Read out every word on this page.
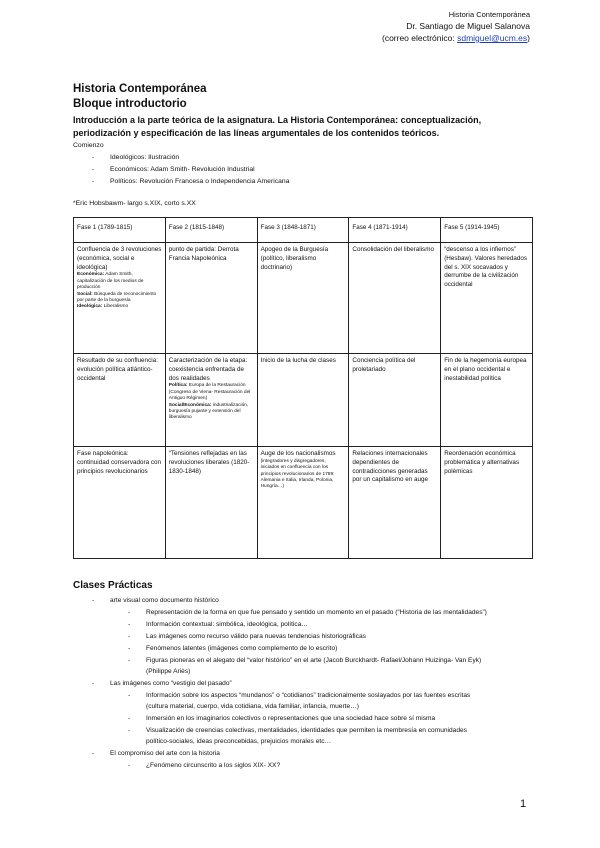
Historia Contemporánea
Dr. Santiago de Miguel Salanova
(correo electrónico: sdmiguel@ucm.es)
Historia Contemporánea
Bloque introductorio
Introducción a la parte teórica de la asignatura. La Historia Contemporánea: conceptualización, periodización y especificación de las líneas argumentales de los contenidos teóricos.
Comienzo
- Ideológicos: Ilustración
- Económicos: Adam Smith- Revolución Industrial
- Políticos: Revolución Francesa o Independencia Americana
*Eric Hobsbawm- largo s.XIX, corto s.XX
Fase 1 (1789-1815)	Fase 2 (1815-1848)	Fase 3 (1848-1871)	Fase 4 (1871-1914)	Fase 5 (1914-1945)

Confluencia de 3 revoluciones (económica, social e ideológica)
Económica: Adam Smith, capitalización de los medios de producción
Social: Búsqueda de reconocimiento por parte de la burguesía
Ideológica: Liberalismo	punto de partida: Derrota Francia Napoleónica	Apogeo de la Burguesía (político, liberalismo doctrinario)	Consolidación del liberalismo	“descenso a los infiernos” (Hesbaw). Valores heredados del s. XIX socavados y derrumbe de la civilización occidental
Resultado de su confluencia: evolución política atlántico-occidental	Caracterización de la etapa: coexistencia enfrentada de dos realidades
Política: Europa de la Restauración (Congreso de Viena- Restauración del Antiguo Régimen)
Social/Económica: industrialización, burguesía pujante y extensión del liberalismo	Inicio de la lucha de clases	Conciencia política del proletariado	Fin de la hegemonía europea en el plano occidental e inestabilidad política
Fase napoleónica: continuidad conservadora con principios revolucionarios	“Tensiones reflejadas en las revoluciones liberales (1820-1830-1848)	Auge de los nacionalismos
(integradores y disgregadores, iniciados en confluencia con los principios revolucionarios de 1789: Alemania e Italia, Irlanda, Polonia, Hungría…)	Relaciones internacionales dependientes de contradicciones generadas por un capitalismo en auge	Reordenación económica problemática y alternativas polémicas
Clases Prácticas
- arte visual como documento histórico
- Representación de la forma en que fue pensado y sentido un momento en el pasado (“Historia de las mentalidades”)
- Información contextual: simbólica, ideológica, política…
- Las imágenes como recurso válido para nuevas tendencias historiográficas
- Fenómenos latentes (imágenes como complemento de lo escrito)
- Figuras pioneras en el alegato del “valor histórico” en el arte (Jacob Burckhardt- Rafael/Johann Huizinga- Van Eyk)
(Philippe Ariès)
- Las imágenes como “vestigio del pasado”
- Información sobre los aspectos “mundanos” o “cotidianos” tradicionalmente soslayados por las fuentes escritas
(cultura material, cuerpo, vida cotidiana, vida familiar, infancia, muerte…)
- Inmersión en los imaginarios colectivos o representaciones que una sociedad hace sobre sí misma
- Visualización de creencias colectivas, mentalidades, identidades que permiten la membresía en comunidades
político-sociales, ideas preconcebidas, prejuicios morales etc…
- El compromiso del arte con la historia
- ¿Fenómeno circunscrito a los siglos XIX- XX?
1
